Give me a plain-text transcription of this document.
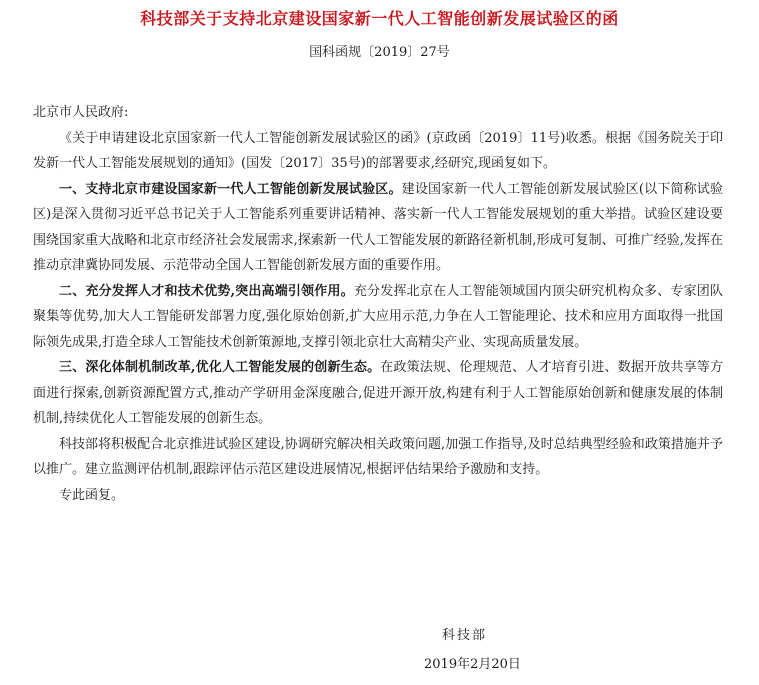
科技部关于支持北京建设国家新一代人工智能创新发展试验区的函
国科函规〔2019〕27号

北京市人民政府:

《关于申请建设北京国家新一代人工智能创新发展试验区的函》(京政函〔2019〕11号)收悉。根据《国务院关于印发新一代人工智能发展规划的通知》(国发〔2017〕35号)的部署要求,经研究,现函复如下。

一、支持北京市建设国家新一代人工智能创新发展试验区。建设国家新一代人工智能创新发展试验区(以下简称试验区)是深入贯彻习近平总书记关于人工智能系列重要讲话精神、落实新一代人工智能发展规划的重大举措。试验区建设要围绕国家重大战略和北京市经济社会发展需求,探索新一代人工智能发展的新路径新机制,形成可复制、可推广经验,发挥在推动京津冀协同发展、示范带动全国人工智能创新发展方面的重要作用。

二、充分发挥人才和技术优势,突出高端引领作用。充分发挥北京在人工智能领域国内顶尖研究机构众多、专家团队聚集等优势,加大人工智能研发部署力度,强化原始创新,扩大应用示范,力争在人工智能理论、技术和应用方面取得一批国际领先成果,打造全球人工智能技术创新策源地,支撑引领北京壮大高精尖产业、实现高质量发展。

三、深化体制机制改革,优化人工智能发展的创新生态。在政策法规、伦理规范、人才培育引进、数据开放共享等方面进行探索,创新资源配置方式,推动产学研用金深度融合,促进开源开放,构建有利于人工智能原始创新和健康发展的体制机制,持续优化人工智能发展的创新生态。

科技部将积极配合北京推进试验区建设,协调研究解决相关政策问题,加强工作指导,及时总结典型经验和政策措施并予以推广。建立监测评估机制,跟踪评估示范区建设进展情况,根据评估结果给予激励和支持。

专此函复。

科技部
2019年2月20日
